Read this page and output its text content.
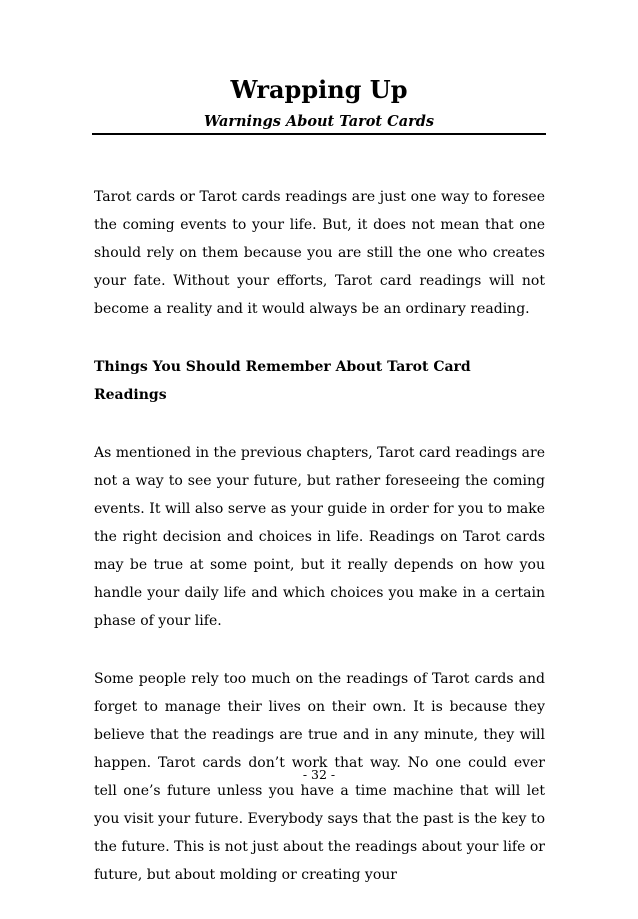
Wrapping Up

Warnings About Tarot Cards

Tarot cards or Tarot cards readings are just one way to foresee the coming events to your life. But, it does not mean that one should rely on them because you are still the one who creates your fate. Without your efforts, Tarot card readings will not become a reality and it would always be an ordinary reading.

Things You Should Remember About Tarot Card Readings

As mentioned in the previous chapters, Tarot card readings are not a way to see your future, but rather foreseeing the coming events. It will also serve as your guide in order for you to make the right decision and choices in life. Readings on Tarot cards may be true at some point, but it really depends on how you handle your daily life and which choices you make in a certain phase of your life.

Some people rely too much on the readings of Tarot cards and forget to manage their lives on their own. It is because they believe that the readings are true and in any minute, they will happen. Tarot cards don’t work that way. No one could ever tell one’s future unless you have a time machine that will let you visit your future. Everybody says that the past is the key to the future. This is not just about the readings about your life or future, but about molding or creating your

- 32 -
